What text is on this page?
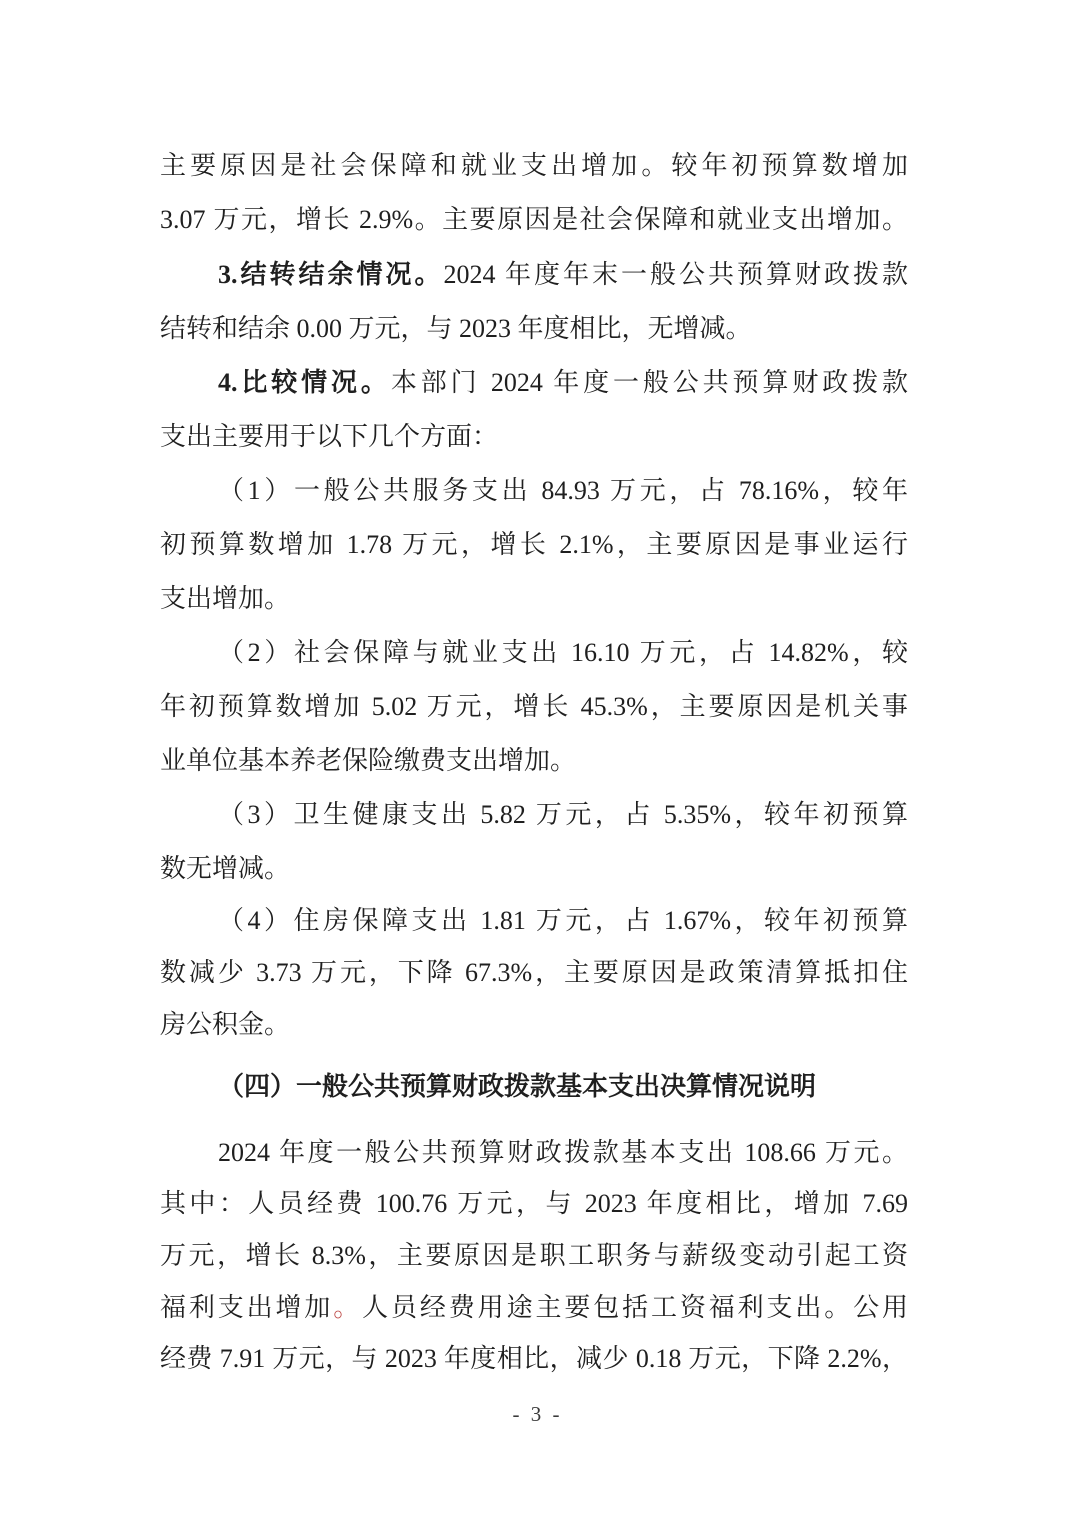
主要原因是社会保障和就业支出增加。较年初预算数增加
3.07 万元，增长 2.9%。主要原因是社会保障和就业支出增加。
3.结转结余情况。2024 年度年末一般公共预算财政拨款
结转和结余 0.00 万元，与 2023 年度相比，无增减。
4.比较情况。本部门 2024 年度一般公共预算财政拨款
支出主要用于以下几个方面：
（1）一般公共服务支出 84.93 万元，占 78.16%，较年
初预算数增加 1.78 万元，增长 2.1%，主要原因是事业运行
支出增加。
（2）社会保障与就业支出 16.10 万元，占 14.82%，较
年初预算数增加 5.02 万元，增长 45.3%，主要原因是机关事
业单位基本养老保险缴费支出增加。
（3）卫生健康支出 5.82 万元，占 5.35%，较年初预算
数无增减。
（4）住房保障支出 1.81 万元，占 1.67%，较年初预算
数减少 3.73 万元，下降 67.3%，主要原因是政策清算抵扣住
房公积金。
（四）一般公共预算财政拨款基本支出决算情况说明
2024 年度一般公共预算财政拨款基本支出 108.66 万元。
其中：人员经费 100.76 万元，与 2023 年度相比，增加 7.69
万元，增长 8.3%，主要原因是职工职务与薪级变动引起工资
福利支出增加。人员经费用途主要包括工资福利支出。公用
经费 7.91 万元，与 2023 年度相比，减少 0.18 万元，下降 2.2%，
- 3 -
